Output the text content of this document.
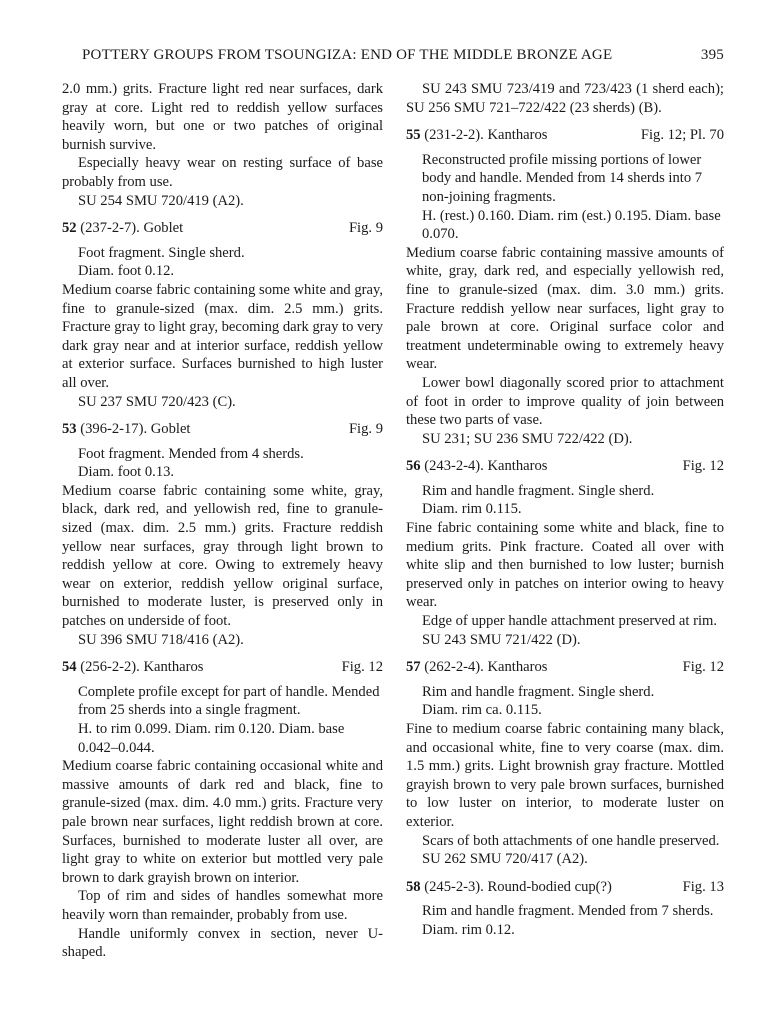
POTTERY GROUPS FROM TSOUNGIZA: END OF THE MIDDLE BRONZE AGE	395

2.0 mm.) grits. Fracture light red near surfaces, dark gray at core. Light red to reddish yellow surfaces heavily worn, but one or two patches of original burnish survive.

Especially heavy wear on resting surface of base probably from use.

SU 254 SMU 720/419 (A2).

52 (237-2-7). Goblet	Fig. 9

Foot fragment. Single sherd.

Diam. foot 0.12.

Medium coarse fabric containing some white and gray, fine to granule-sized (max. dim. 2.5 mm.) grits. Fracture gray to light gray, becoming dark gray to very dark gray near and at interior surface, reddish yellow at exterior surface. Surfaces burnished to high luster all over.

SU 237 SMU 720/423 (C).

53 (396-2-17). Goblet	Fig. 9

Foot fragment. Mended from 4 sherds.

Diam. foot 0.13.

Medium coarse fabric containing some white, gray, black, dark red, and yellowish red, fine to granule-sized (max. dim. 2.5 mm.) grits. Fracture reddish yellow near surfaces, gray through light brown to reddish yellow at core. Owing to extremely heavy wear on exterior, reddish yellow original surface, burnished to moderate luster, is preserved only in patches on underside of foot.

SU 396 SMU 718/416 (A2).

54 (256-2-2). Kantharos	Fig. 12

Complete profile except for part of handle. Mended from 25 sherds into a single fragment.

H. to rim 0.099. Diam. rim 0.120. Diam. base 0.042–0.044.

Medium coarse fabric containing occasional white and massive amounts of dark red and black, fine to granule-sized (max. dim. 4.0 mm.) grits. Fracture very pale brown near surfaces, light reddish brown at core. Surfaces, burnished to moderate luster all over, are light gray to white on exterior but mottled very pale brown to dark grayish brown on interior.

Top of rim and sides of handles somewhat more heavily worn than remainder, probably from use.

Handle uniformly convex in section, never U-shaped.

SU 243 SMU 723/419 and 723/423 (1 sherd each); SU 256 SMU 721–722/422 (23 sherds) (B).

55 (231-2-2). Kantharos	Fig. 12; Pl. 70

Reconstructed profile missing portions of lower body and handle. Mended from 14 sherds into 7 non-joining fragments.

H. (rest.) 0.160. Diam. rim (est.) 0.195. Diam. base 0.070.

Medium coarse fabric containing massive amounts of white, gray, dark red, and especially yellowish red, fine to granule-sized (max. dim. 3.0 mm.) grits. Fracture reddish yellow near surfaces, light gray to pale brown at core. Original surface color and treatment undeterminable owing to extremely heavy wear.

Lower bowl diagonally scored prior to attachment of foot in order to improve quality of join between these two parts of vase.

SU 231; SU 236 SMU 722/422 (D).

56 (243-2-4). Kantharos	Fig. 12

Rim and handle fragment. Single sherd.

Diam. rim 0.115.

Fine fabric containing some white and black, fine to medium grits. Pink fracture. Coated all over with white slip and then burnished to low luster; burnish preserved only in patches on interior owing to heavy wear.

Edge of upper handle attachment preserved at rim.

SU 243 SMU 721/422 (D).

57 (262-2-4). Kantharos	Fig. 12

Rim and handle fragment. Single sherd.

Diam. rim ca. 0.115.

Fine to medium coarse fabric containing many black, and occasional white, fine to very coarse (max. dim. 1.5 mm.) grits. Light brownish gray fracture. Mottled grayish brown to very pale brown surfaces, burnished to low luster on interior, to moderate luster on exterior.

Scars of both attachments of one handle preserved.

SU 262 SMU 720/417 (A2).

58 (245-2-3). Round-bodied cup(?)	Fig. 13

Rim and handle fragment. Mended from 7 sherds.

Diam. rim 0.12.
